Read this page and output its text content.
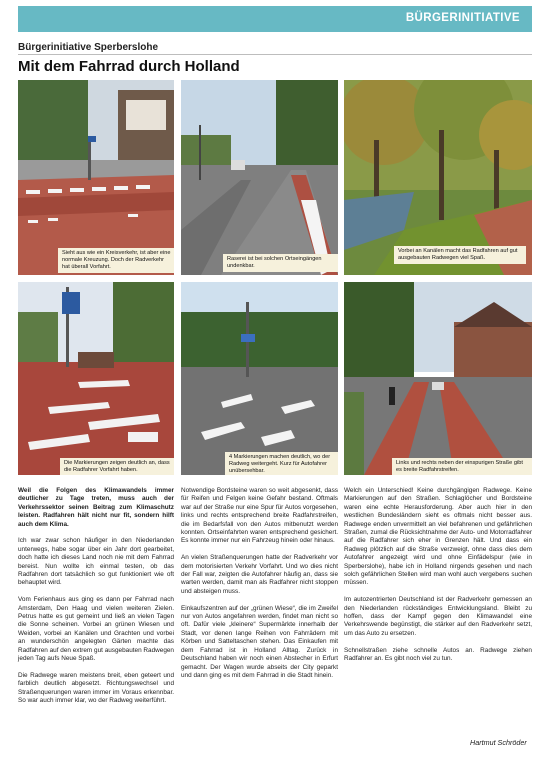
BÜRGERINITIATIVE
Bürgerinitiative Sperberslohe
Mit dem Fahrrad durch Holland
Sieht aus wie ein Kreisverkehr, ist aber eine normale Kreuzung. Doch der Radverkehr hat überall Vorfahrt.
Raserei ist bei solchen Ortseingängen undenkbar.
Vorbei an Kanälen macht das Radfahren auf gut ausgebauten Radwegen viel Spaß.
Die Markierungen zeigen deutlich an, dass die Radfahrer Vorfahrt haben.
4 Markierungen machen deutlich, wo der Radweg weitergeht. Kurz für Autofahrer unübersehbar.
Links und rechts neben der einspurigen Straße gibt es breite Radfahrstreifen.

Weil die Folgen des Klimawandels immer deutlicher zu Tage treten, muss auch der Verkehrssektor seinen Beitrag zum Klimaschutz leisten. Radfahren hält nicht nur fit, sondern hilft auch dem Klima.

Ich war zwar schon häufiger in den Niederlanden unterwegs, habe sogar über ein Jahr dort gearbeitet, doch hatte ich dieses Land noch nie mit dem Fahrrad bereist. Nun wollte ich einmal testen, ob das Radfahren dort tatsächlich so gut funktioniert wie oft behauptet wird.

Vom Ferienhaus aus ging es dann per Fahrrad nach Amsterdam, Den Haag und vielen weiteren Zielen. Petrus hatte es gut gemeint und ließ an vielen Tagen die Sonne scheinen. Vorbei an grünen Wiesen und Weiden, vorbei an Kanälen und Grachten und vorbei an wunderschön angelegten Gärten machte das Radfahren auf den extrem gut ausgebauten Radwegen jeden Tag aufs Neue Spaß.

Die Radwege waren meistens breit, eben geteert und farblich deutlich abgesetzt. Richtungswechsel und Straßenquerungen waren immer im Voraus erkennbar. So war auch immer klar, wo der Radweg weiterführt.

Notwendige Bordsteine waren so weit abgesenkt, dass für Reifen und Felgen keine Gefahr bestand. Oftmals war auf der Straße nur eine Spur für Autos vorgesehen, links und rechts entsprechend breite Radfahrstreifen, die im Bedarfsfall von den Autos mitbenutzt werden konnten. Ortseinfahrten waren entsprechend gesichert. Es konnte immer nur ein Fahrzeug hinein oder hinaus.

An vielen Straßenquerungen hatte der Radverkehr vor dem motorisierten Verkehr Vorfahrt. Und wo dies nicht der Fall war, zeigten die Autofahrer häufig an, dass sie warten werden, damit man als Radfahrer nicht stoppen und absteigen muss.

Einkaufszentren auf der „grünen Wiese“, die im Zweifel nur von Autos angefahren werden, findet man nicht so oft. Dafür viele „kleinere“ Supermärkte innerhalb der Stadt, vor denen lange Reihen von Fahrrädern mit Körben und Satteltaschen stehen. Das Einkaufen mit dem Fahrrad ist in Holland Alltag. Zurück in Deutschland haben wir noch einen Abstecher in Erfurt gemacht. Der Wagen wurde abseits der City geparkt und dann ging es mit dem Fahrrad in die Stadt hinein.

Welch ein Unterschied! Keine durchgängigen Radwege. Keine Markierungen auf den Straßen. Schlaglöcher und Bordsteine waren eine echte Herausforderung. Aber auch hier in den westlichen Bundesländern sieht es oftmals nicht besser aus. Radwege enden unvermittelt an viel befahrenen und gefährlichen Straßen, zumal die Rücksichtnahme der Auto- und Motorradfahrer auf die Radfahrer sich eher in Grenzen hält. Und dass ein Radweg plötzlich auf die Straße verzweigt, ohne dass dies dem Autofahrer angezeigt wird und ohne Einfädelspur (wie in Sperberslohe), habe ich in Holland nirgends gesehen und nach solch gefährlichen Stellen wird man wohl auch vergebens suchen müssen.

Im autozentrierten Deutschland ist der Radverkehr gemessen an den Niederlanden rückständiges Entwicklungsland. Bleibt zu hoffen, dass der Kampf gegen den Klimawandel eine Verkehrswende begünstigt, die stärker auf den Radverkehr setzt, um das Auto zu ersetzen.

Schnellstraßen ziehe schnelle Autos an. Radwege ziehen Radfahrer an. Es gibt noch viel zu tun.

Hartmut Schröder
